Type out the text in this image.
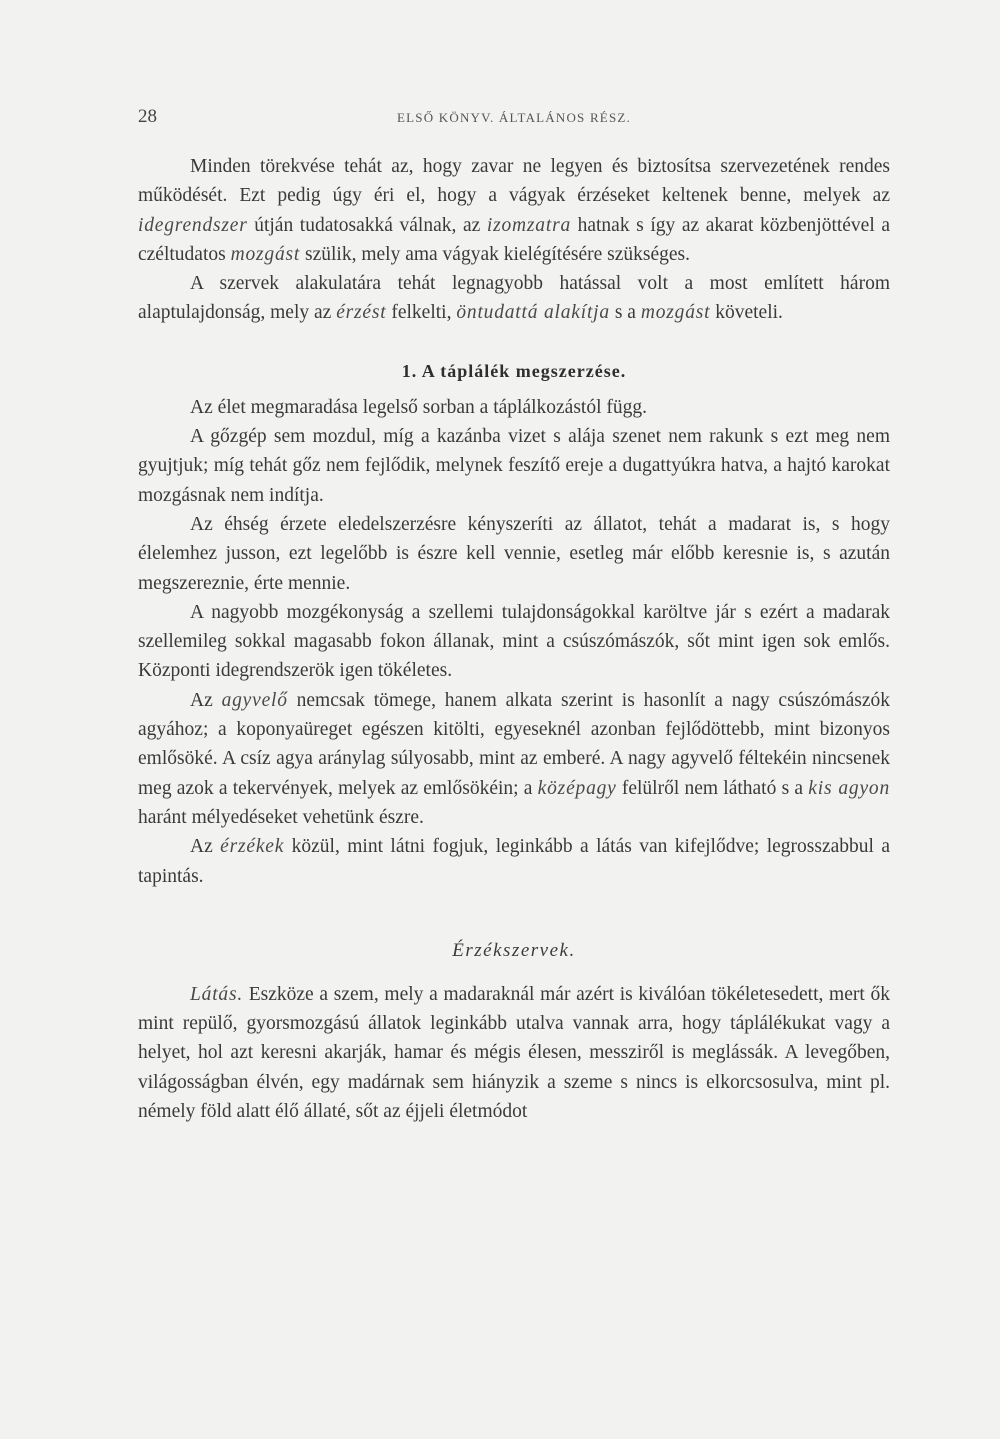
28	ELSŐ KÖNYV. ÁLTALÁNOS RÉSZ.

Minden törekvése tehát az, hogy zavar ne legyen és biztosítsa szervezetének rendes működését. Ezt pedig úgy éri el, hogy a vágyak érzéseket keltenek benne, melyek az idegrendszer útján tudatosakká válnak, az izomzatra hatnak s így az akarat közbenjöttével a czéltudatos mozgást szülik, mely ama vágyak kielégítésére szükséges.

A szervek alakulatára tehát legnagyobb hatással volt a most említett három alaptulajdonság, mely az érzést felkelti, öntudattá alakítja s a mozgást követeli.

1. A táplálék megszerzése.

Az élet megmaradása legelső sorban a táplálkozástól függ.

A gőzgép sem mozdul, míg a kazánba vizet s alája szenet nem rakunk s ezt meg nem gyujtjuk; míg tehát gőz nem fejlődik, melynek feszítő ereje a dugattyúkra hatva, a hajtó karokat mozgásnak nem indítja.

Az éhség érzete eledelszerzésre kényszeríti az állatot, tehát a madarat is, s hogy élelemhez jusson, ezt legelőbb is észre kell vennie, esetleg már előbb keresnie is, s azután megszereznie, érte mennie.

A nagyobb mozgékonyság a szellemi tulajdonságokkal karöltve jár s ezért a madarak szellemileg sokkal magasabb fokon állanak, mint a csúszómászók, sőt mint igen sok emlős. Központi idegrendszerök igen tökéletes.

Az agyvelő nemcsak tömege, hanem alkata szerint is hasonlít a nagy csúszómászók agyához; a koponyaüreget egészen kitölti, egyeseknél azonban fejlődöttebb, mint bizonyos emlősöké. A csíz agya aránylag súlyosabb, mint az emberé. A nagy agyvelő féltekéin nincsenek meg azok a tekervények, melyek az emlősökéin; a középagy felülről nem látható s a kis agyon haránt mélyedéseket vehetünk észre.

Az érzékek közül, mint látni fogjuk, leginkább a látás van kifejlődve; legrosszabbul a tapintás.

Érzékszervek.

Látás. Eszköze a szem, mely a madaraknál már azért is kiválóan tökéletesedett, mert ők mint repülő, gyorsmozgású állatok leginkább utalva vannak arra, hogy táplálékukat vagy a helyet, hol azt keresni akarják, hamar és mégis élesen, messziről is meglássák. A levegőben, világosságban élvén, egy madárnak sem hiányzik a szeme s nincs is elkorcsosulva, mint pl. némely föld alatt élő állaté, sőt az éjjeli életmódot
